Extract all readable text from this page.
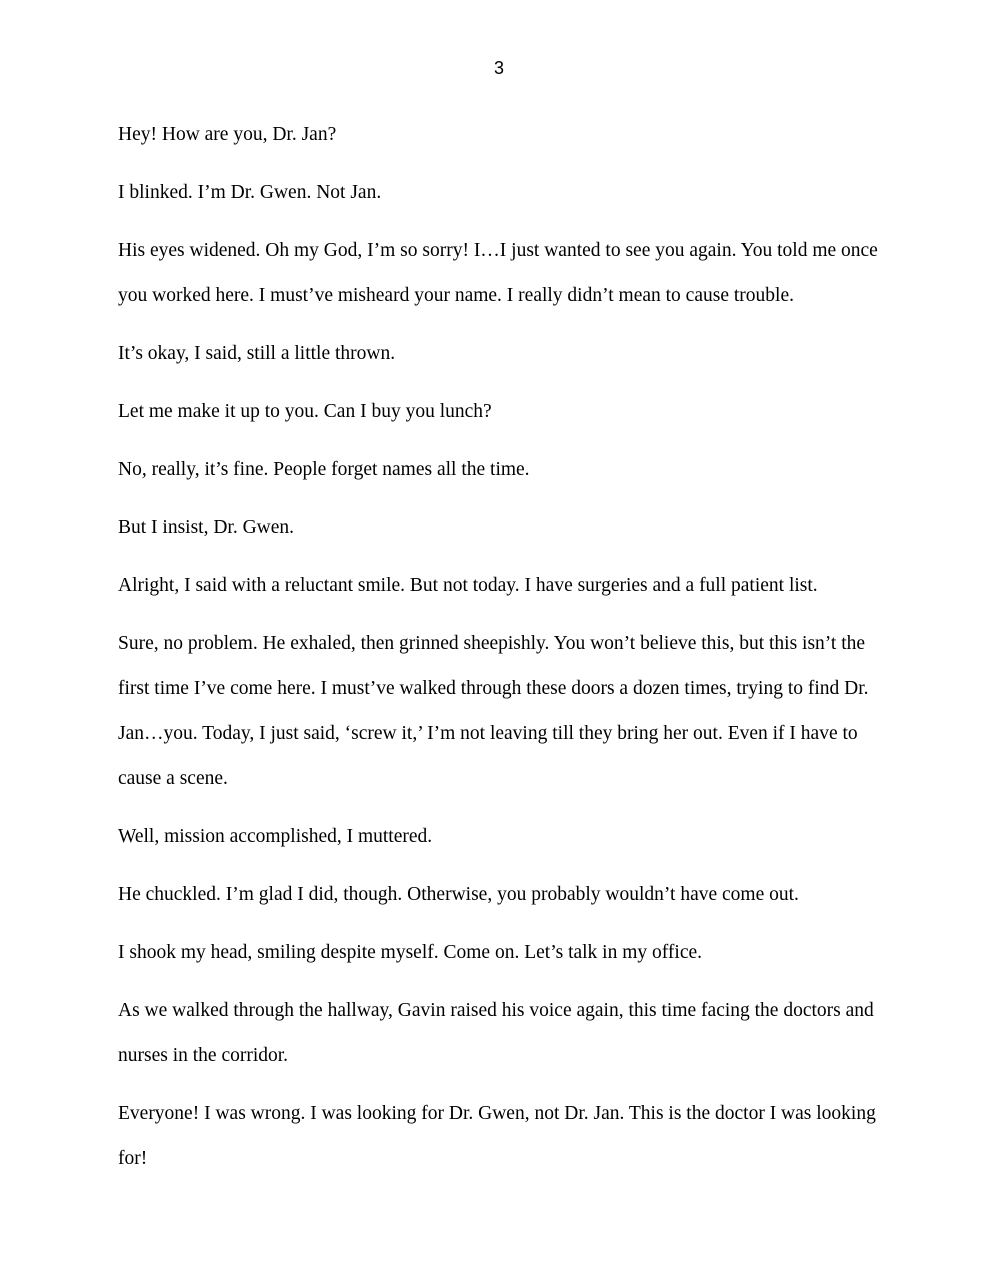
3

Hey! How are you, Dr. Jan?

I blinked. I’m Dr. Gwen. Not Jan.

His eyes widened. Oh my God, I’m so sorry! I…I just wanted to see you again. You told me once you worked here. I must’ve misheard your name. I really didn’t mean to cause trouble.

It’s okay, I said, still a little thrown.

Let me make it up to you. Can I buy you lunch?

No, really, it’s fine. People forget names all the time.

But I insist, Dr. Gwen.

Alright, I said with a reluctant smile. But not today. I have surgeries and a full patient list.

Sure, no problem. He exhaled, then grinned sheepishly. You won’t believe this, but this isn’t the first time I’ve come here. I must’ve walked through these doors a dozen times, trying to find Dr. Jan…you. Today, I just said, ‘screw it,’ I’m not leaving till they bring her out. Even if I have to cause a scene.

Well, mission accomplished, I muttered.

He chuckled. I’m glad I did, though. Otherwise, you probably wouldn’t have come out.

I shook my head, smiling despite myself. Come on. Let’s talk in my office.

As we walked through the hallway, Gavin raised his voice again, this time facing the doctors and nurses in the corridor.

Everyone! I was wrong. I was looking for Dr. Gwen, not Dr. Jan. This is the doctor I was looking for!
